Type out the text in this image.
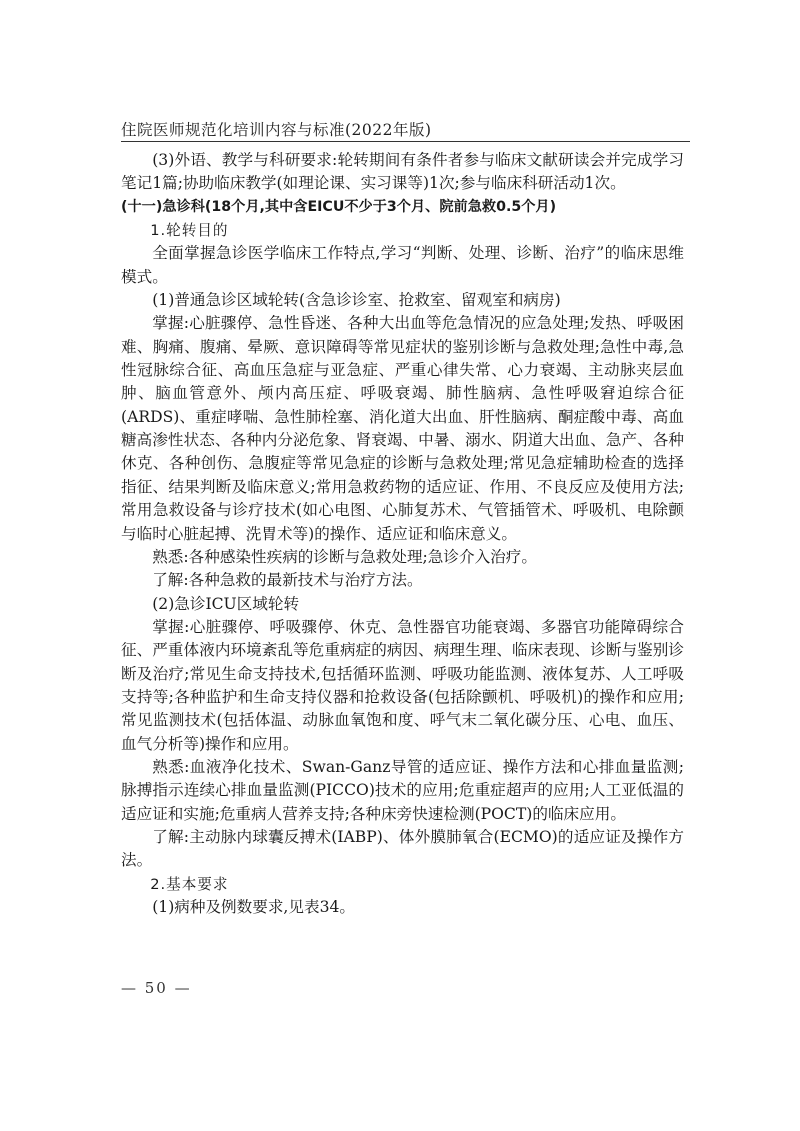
住院医师规范化培训内容与标准(2022年版)

(3)外语、教学与科研要求:轮转期间有条件者参与临床文献研读会并完成学习笔记1篇;协助临床教学(如理论课、实习课等)1次;参与临床科研活动1次。

(十一)急诊科(18个月,其中含EICU不少于3个月、院前急救0.5个月)

1.轮转目的

全面掌握急诊医学临床工作特点,学习“判断、处理、诊断、治疗”的临床思维模式。

(1)普通急诊区域轮转(含急诊诊室、抢救室、留观室和病房)

掌握:心脏骤停、急性昏迷、各种大出血等危急情况的应急处理;发热、呼吸困难、胸痛、腹痛、晕厥、意识障碍等常见症状的鉴别诊断与急救处理;急性中毒,急性冠脉综合征、高血压急症与亚急症、严重心律失常、心力衰竭、主动脉夹层血肿、脑血管意外、颅内高压症、呼吸衰竭、肺性脑病、急性呼吸窘迫综合征(ARDS)、重症哮喘、急性肺栓塞、消化道大出血、肝性脑病、酮症酸中毒、高血糖高渗性状态、各种内分泌危象、肾衰竭、中暑、溺水、阴道大出血、急产、各种休克、各种创伤、急腹症等常见急症的诊断与急救处理;常见急症辅助检查的选择指征、结果判断及临床意义;常用急救药物的适应证、作用、不良反应及使用方法;常用急救设备与诊疗技术(如心电图、心肺复苏术、气管插管术、呼吸机、电除颤与临时心脏起搏、洗胃术等)的操作、适应证和临床意义。

熟悉:各种感染性疾病的诊断与急救处理;急诊介入治疗。

了解:各种急救的最新技术与治疗方法。

(2)急诊ICU区域轮转

掌握:心脏骤停、呼吸骤停、休克、急性器官功能衰竭、多器官功能障碍综合征、严重体液内环境紊乱等危重病症的病因、病理生理、临床表现、诊断与鉴别诊断及治疗;常见生命支持技术,包括循环监测、呼吸功能监测、液体复苏、人工呼吸支持等;各种监护和生命支持仪器和抢救设备(包括除颤机、呼吸机)的操作和应用;常见监测技术(包括体温、动脉血氧饱和度、呼气末二氧化碳分压、心电、血压、血气分析等)操作和应用。

熟悉:血液净化技术、Swan-Ganz导管的适应证、操作方法和心排血量监测;脉搏指示连续心排血量监测(PICCO)技术的应用;危重症超声的应用;人工亚低温的适应证和实施;危重病人营养支持;各种床旁快速检测(POCT)的临床应用。

了解:主动脉内球囊反搏术(IABP)、体外膜肺氧合(ECMO)的适应证及操作方法。

2.基本要求

(1)病种及例数要求,见表34。

— 50 —
